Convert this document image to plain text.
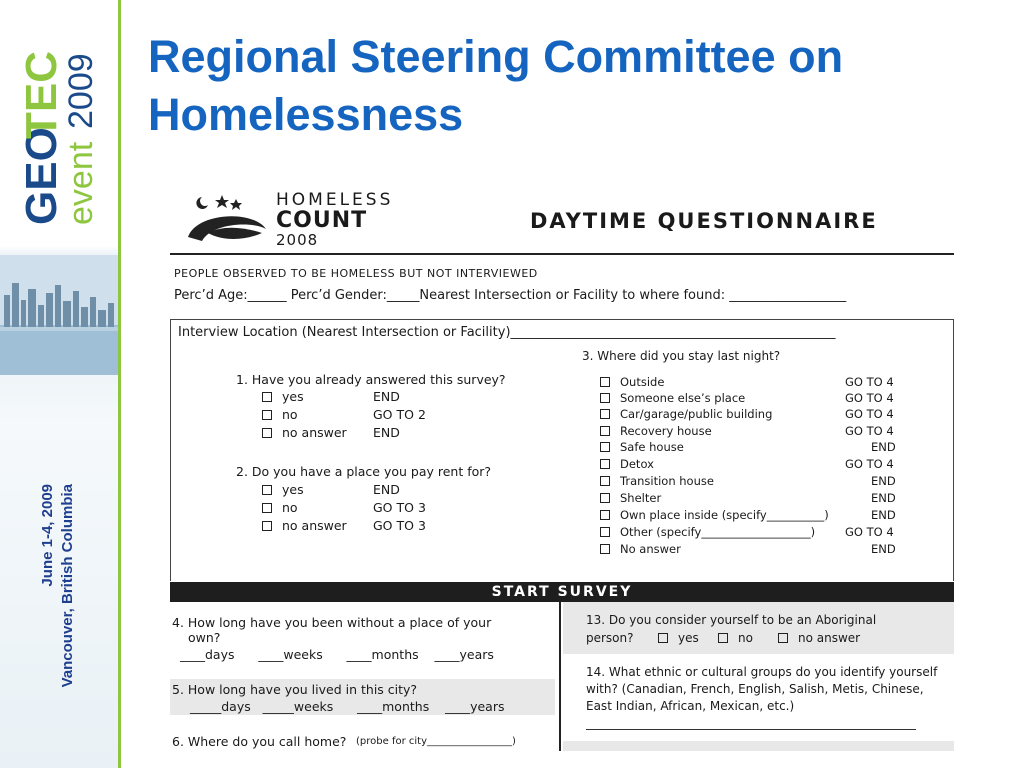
GEO
TEC
event
2009
June 1-4, 2009 Vancouver, British Columbia
Regional Steering Committee on
Homelessness
HOMELESS
COUNT
2008
DAYTIME QUESTIONNAIRE
PEOPLE OBSERVED TO BE HOMELESS BUT NOT INTERVIEWED
Perc’d Age:______ Perc’d Gender:_____Nearest Intersection or Facility to where found: __________________
Interview Location (Nearest Intersection or Facility)__________________________________________________
1. Have you already answered this survey?
yes	END
no	GO TO 2
no answer END
2. Do you have a place you pay rent for?
yes	END
no	GO TO 3
no answer GO TO 3
3. Where did you stay last night?
Outside	GO TO 4
Someone else’s place	GO TO 4
Car/garage/public building	GO TO 4
Recovery house	GO TO 4
Safe house	END
Detox	GO TO 4
Transition house	END
Shelter	END
Own place inside (specify__________)	END
Other (specify___________________)	GO TO 4
No answer	END
START SURVEY
4. How long have you been without a place of your
own?
____days      ____weeks      ____months    ____years
5. How long have you lived in this city?
_____days   _____weeks      ____months    ____years
6. Where do you call home? (probe for city_________________)
13. Do you consider yourself to be an Aboriginal
person?	yes	no	no answer
14. What ethnic or cultural groups do you identify yourself
with? (Canadian, French, English, Salish, Metis, Chinese,
East Indian, African, Mexican, etc.)
